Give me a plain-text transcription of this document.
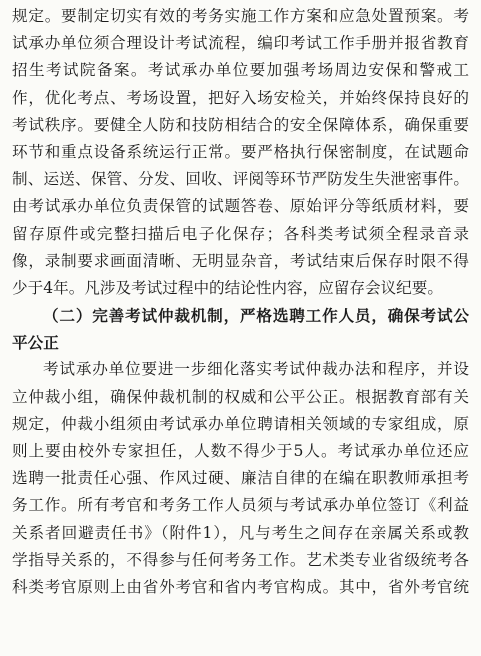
规定。要制定切实有效的考务实施工作方案和应急处置预案。考
试承办单位须合理设计考试流程，编印考试工作手册并报省教育
招生考试院备案。考试承办单位要加强考场周边安保和警戒工
作，优化考点、考场设置，把好入场安检关，并始终保持良好的
考试秩序。要健全人防和技防相结合的安全保障体系，确保重要
环节和重点设备系统运行正常。要严格执行保密制度，在试题命
制、运送、保管、分发、回收、评阅等环节严防发生失泄密事件。
由考试承办单位负责保管的试题答卷、原始评分等纸质材料，要
留存原件或完整扫描后电子化保存；各科类考试须全程录音录
像，录制要求画面清晰、无明显杂音，考试结束后保存时限不得
少于4年。凡涉及考试过程中的结论性内容，应留存会议纪要。
（二）完善考试仲裁机制，严格选聘工作人员，确保考试公
平公正
考试承办单位要进一步细化落实考试仲裁办法和程序，并设
立仲裁小组，确保仲裁机制的权威和公平公正。根据教育部有关
规定，仲裁小组须由考试承办单位聘请相关领域的专家组成，原
则上要由校外专家担任，人数不得少于5人。考试承办单位还应
选聘一批责任心强、作风过硬、廉洁自律的在编在职教师承担考
务工作。所有考官和考务工作人员须与考试承办单位签订《利益
关系者回避责任书》（附件1），凡与考生之间存在亲属关系或教
学指导关系的，不得参与任何考务工作。艺术类专业省级统考各
科类考官原则上由省外考官和省内考官构成。其中，省外考官统
